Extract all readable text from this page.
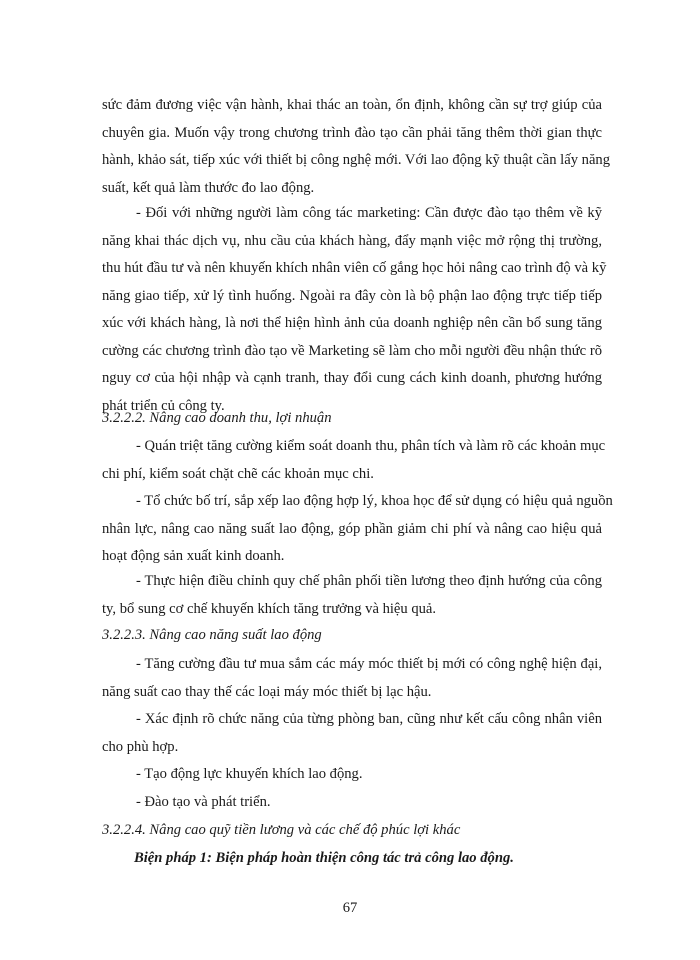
sức đảm đương việc vận hành, khai thác an toàn, ổn định, không cần sự trợ giúp của
chuyên gia. Muốn vậy trong chương trình đào tạo cần phải tăng thêm thời gian thực
hành, khảo sát, tiếp xúc với thiết bị công nghệ mới. Với lao động kỹ thuật cần lấy năng
suất, kết quả làm thước đo lao động.
- Đối với những người làm công tác marketing: Cần được đào tạo thêm về kỹ
năng khai thác dịch vụ, nhu cầu của khách hàng, đẩy mạnh việc mở rộng thị trường,
thu hút đầu tư và nên khuyến khích nhân viên cố gắng học hỏi nâng cao trình độ và kỹ
năng giao tiếp, xử lý tình huống. Ngoài ra đây còn là bộ phận lao động trực tiếp tiếp
xúc với khách hàng, là nơi thể hiện hình ảnh của doanh nghiệp nên cần bổ sung tăng
cường các chương trình đào tạo về Marketing sẽ làm cho mỗi người đều nhận thức rõ
nguy cơ của hội nhập và cạnh tranh, thay đổi cung cách kinh doanh, phương hướng
phát triển củ công ty.
3.2.2.2. Nâng cao doanh thu, lợi nhuận
- Quán triệt tăng cường kiểm soát doanh thu, phân tích và làm rõ các khoản mục
chi phí, kiểm soát chặt chẽ các khoản mục chi.
- Tổ chức bố trí, sắp xếp lao động hợp lý, khoa học để sử dụng có hiệu quả nguồn
nhân lực, nâng cao năng suất lao động, góp phần giảm chi phí và nâng cao hiệu quả
hoạt động sản xuất kinh doanh.
- Thực hiện điều chỉnh quy chế phân phối tiền lương theo định hướng của công
ty, bổ sung cơ chế khuyến khích tăng trưởng và hiệu quả.
3.2.2.3. Nâng cao năng suất lao động
- Tăng cường đầu tư mua sắm các máy móc thiết bị mới có công nghệ hiện đại,
năng suất cao thay thế các loại máy móc thiết bị lạc hậu.
- Xác định rõ chức năng của từng phòng ban, cũng như kết cấu công nhân viên
cho phù hợp.
- Tạo động lực khuyến khích lao động.
- Đào tạo và phát triển.
3.2.2.4. Nâng cao quỹ tiền lương và các chế độ phúc lợi khác
Biện pháp 1: Biện pháp hoàn thiện công tác trả công lao động.
67
